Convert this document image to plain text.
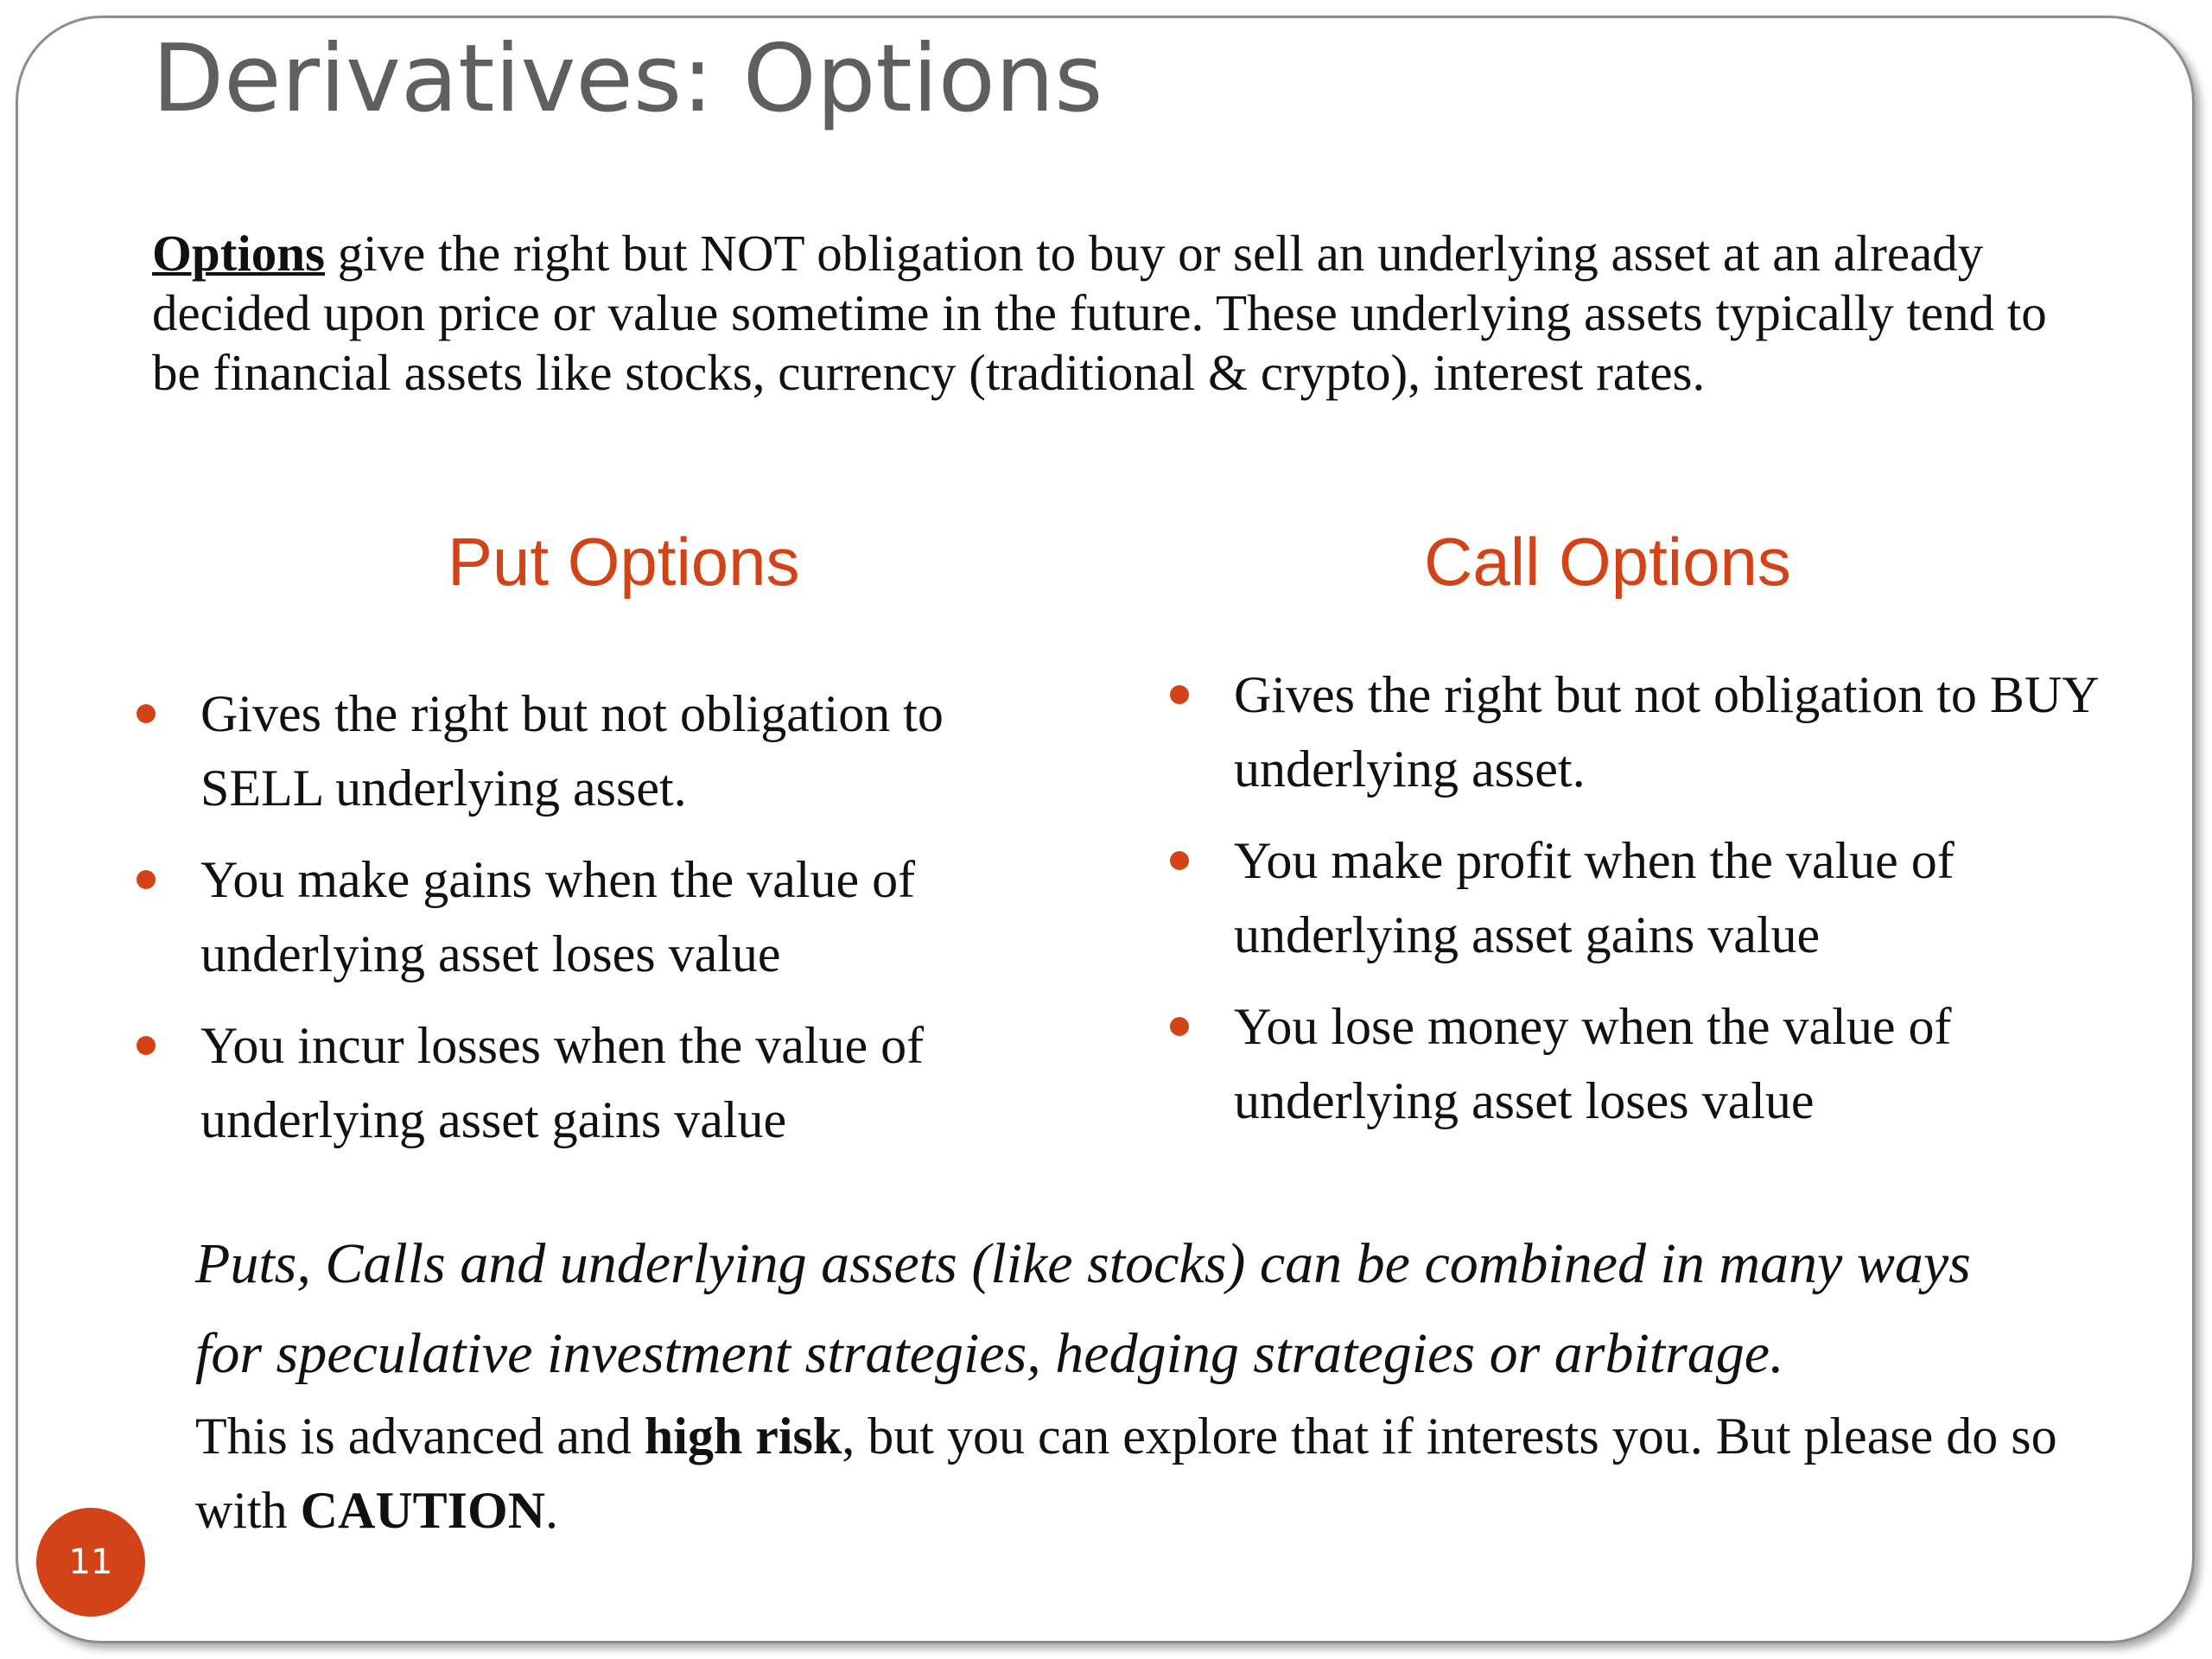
Derivatives: Options

Options give the right but NOT obligation to buy or sell an underlying asset at an already decided upon price or value sometime in the future. These underlying assets typically tend to be financial assets like stocks, currency (traditional & crypto), interest rates.

Put Options
Gives the right but not obligation to SELL underlying asset.
You make gains when the value of underlying asset loses value
You incur losses when the value of underlying asset gains value
Call Options
Gives the right but not obligation to BUY underlying asset.
You make profit when the value of underlying asset gains value
You lose money when the value of underlying asset loses value
Puts, Calls and underlying assets (like stocks) can be combined in many ways
for speculative investment strategies, hedging strategies or arbitrage.
This is advanced and high risk, but you can explore that if interests you. But please do so with CAUTION.
11
